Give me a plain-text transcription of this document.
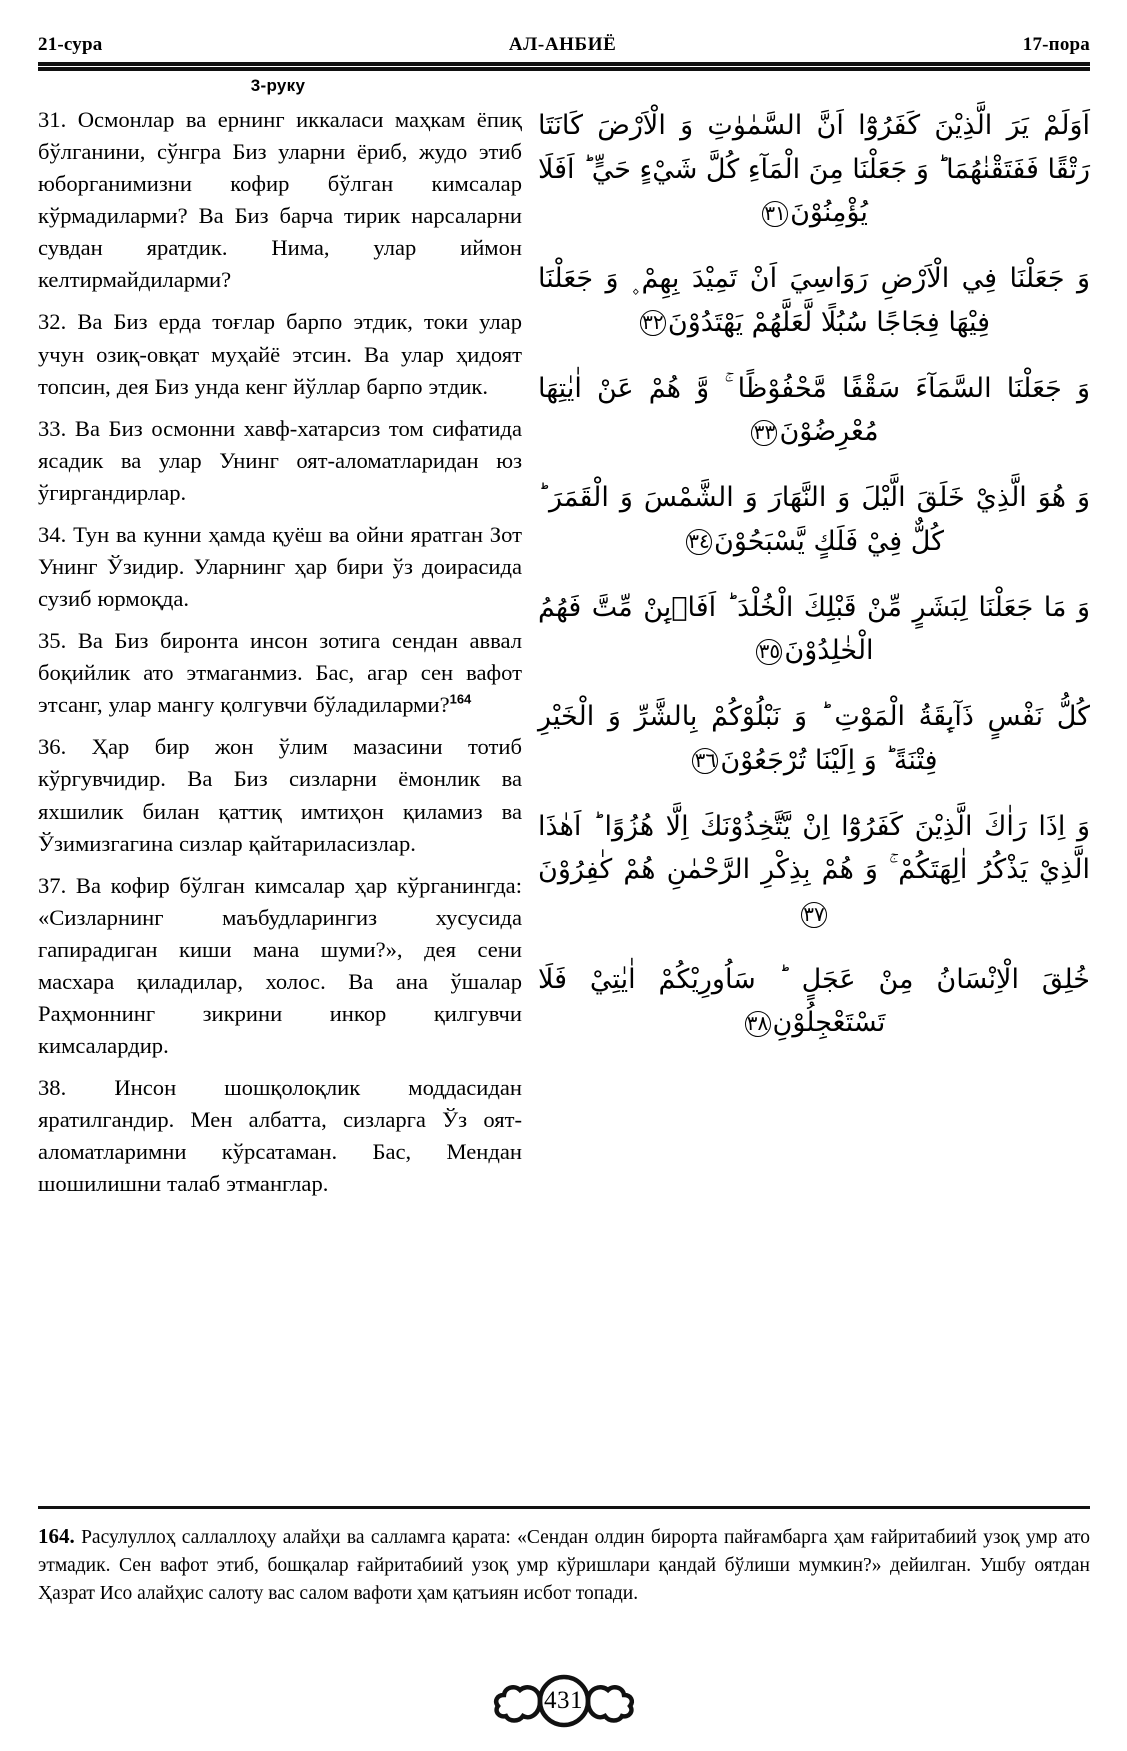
21-сура	АЛ-АНБИЁ	17-пора
3-руку

31. Осмонлар ва ернинг иккаласи маҳкам ёпиқ бўлганини, сўнгра Биз уларни ёриб, жудо этиб юборганимизни кофир бўлган кимсалар кўрмадиларми? Ва Биз барча тирик нарсаларни сувдан яратдик. Нима, улар иймон келтирмайдиларми?

32. Ва Биз ерда тоғлар барпо этдик, токи улар учун озиқ-овқат муҳайё этсин. Ва улар ҳидоят топсин, дея Биз унда кенг йўллар барпо этдик.

33. Ва Биз осмонни хавф-хатарсиз том сифатида ясадик ва улар Унинг оят-аломатларидан юз ўгиргандирлар.

34. Тун ва кунни ҳамда қуёш ва ойни яратган Зот Унинг Ўзидир. Уларнинг ҳар бири ўз доирасида сузиб юрмоқда.

35. Ва Биз биронта инсон зотига сендан аввал боқийлик ато этмаганмиз. Бас, агар сен вафот этсанг, улар мангу қолгувчи бўладиларми?$^{164}$

36. Ҳар бир жон ўлим мазасини тотиб кўргувчидир. Ва Биз сизларни ёмонлик ва яхшилик билан қаттиқ имтиҳон қиламиз ва Ўзимизгагина сизлар қайтариласизлар.

37. Ва кофир бўлган кимсалар ҳар кўрганингда: «Сизларнинг маъбудларингиз хусусида гапирадиган киши мана шуми?», дея сени масхара қиладилар, холос. Ва ана ўшалар Раҳмоннинг зикрини инкор қилгувчи кимсалардир.

38. Инсон шошқолоқлик моддасидан яратилгандир. Мен албатта, сизларга Ўз оят-аломатларимни кўрсатаман. Бас, Мендан шошилишни талаб этманглар.

اَوَلَمْ يَرَ الَّذِيْنَ كَفَرُوْٓا اَنَّ السَّمٰوٰتِ وَ الْاَرْضَ كَانَتَا رَتْقًا فَفَتَقْنٰهُمَا ؕ وَ جَعَلْنَا مِنَ الْمَآءِ كُلَّ شَيْءٍ حَيٍّ ؕ اَفَلَا يُؤْمِنُوْنَ٣١

وَ جَعَلْنَا فِي الْاَرْضِ رَوَاسِيَ اَنْ تَمِيْدَ بِهِمْ ۪ وَ جَعَلْنَا فِيْهَا فِجَاجًا سُبُلًا لَّعَلَّهُمْ يَهْتَدُوْنَ٣٢

وَ جَعَلْنَا السَّمَآءَ سَقْفًا مَّحْفُوْظًا ۚ وَّ هُمْ عَنْ اٰيٰتِهَا مُعْرِضُوْنَ٣٣

وَ هُوَ الَّذِيْ خَلَقَ الَّيْلَ وَ النَّهَارَ وَ الشَّمْسَ وَ الْقَمَرَ ؕ كُلٌّ فِيْ فَلَكٍ يَّسْبَحُوْنَ٣٤

وَ مَا جَعَلْنَا لِبَشَرٍ مِّنْ قَبْلِكَ الْخُلْدَ ؕ اَفَا۟ىِٕنْ مِّتَّ فَهُمُ الْخٰلِدُوْنَ٣٥

كُلُّ نَفْسٍ ذَآىِٕقَةُ الْمَوْتِ ؕ وَ نَبْلُوْكُمْ بِالشَّرِّ وَ الْخَيْرِ فِتْنَةً ؕ وَ اِلَيْنَا تُرْجَعُوْنَ٣٦

وَ اِذَا رَاٰكَ الَّذِيْنَ كَفَرُوْٓا اِنْ يَّتَّخِذُوْنَكَ اِلَّا هُزُوًا ؕ اَهٰذَا الَّذِيْ يَذْكُرُ اٰلِهَتَكُمْ ۚ وَ هُمْ بِذِكْرِ الرَّحْمٰنِ هُمْ كٰفِرُوْنَ٣٧

خُلِقَ الْاِنْسَانُ مِنْ عَجَلٍ ؕ سَاُورِيْكُمْ اٰيٰتِيْ فَلَا تَسْتَعْجِلُوْنِ٣٨

164. Расулуллоҳ саллаллоҳу алайҳи ва салламга қарата: «Сендан олдин бирорта пайғамбарга ҳам ғайритабиий узоқ умр ато этмадик. Сен вафот этиб, бошқалар ғайритабиий узоқ умр кўришлари қандай бўлиши мумкин?» дейилган. Ушбу оятдан Ҳазрат Исо алайҳис салоту вас салом вафоти ҳам қатъиян исбот топади.
431
